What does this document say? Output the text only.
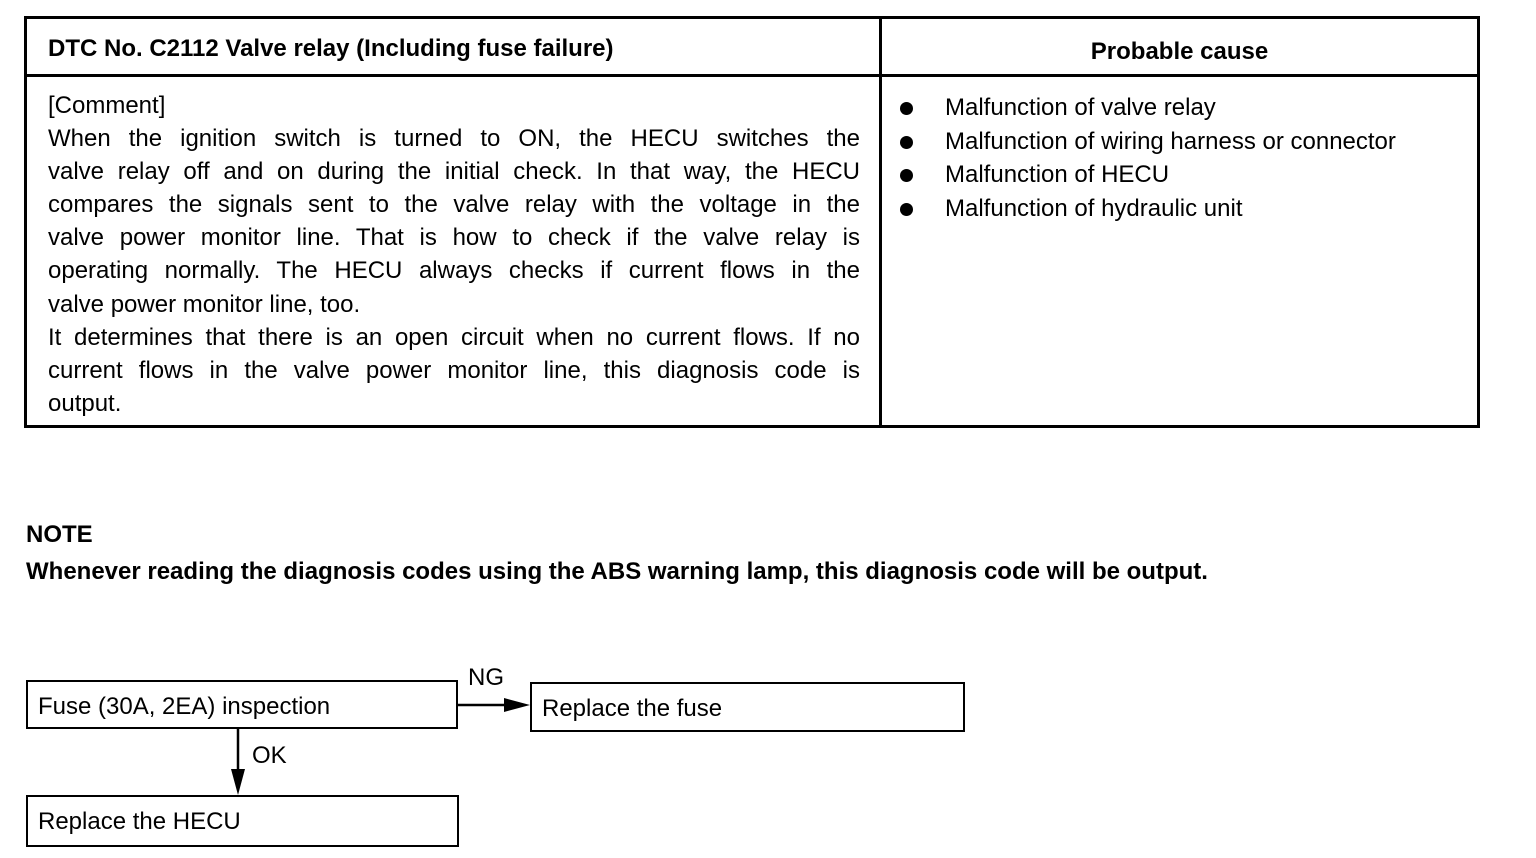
DTC No. C2112 Valve relay (Including fuse failure)	Probable cause
[Comment]
When the ignition switch is turned to ON, the HECU switches the
valve relay off and on during the initial check. In that way, the HECU
compares the signals sent to the valve relay with the voltage in the
valve power monitor line. That is how to check if the valve relay is
operating normally. The HECU always checks if current flows in the
valve power monitor line, too.
It determines that there is an open circuit when no current flows. If no
current flows in the valve power monitor line, this diagnosis code is
output.
Malfunction of valve relay
Malfunction of wiring harness or connector
Malfunction of HECU
Malfunction of hydraulic unit
NOTE
Whenever reading the diagnosis codes using the ABS warning lamp, this diagnosis code will be output.
Fuse (30A, 2EA) inspection	Replace the fuse
Replace the HECU
NG
OK
